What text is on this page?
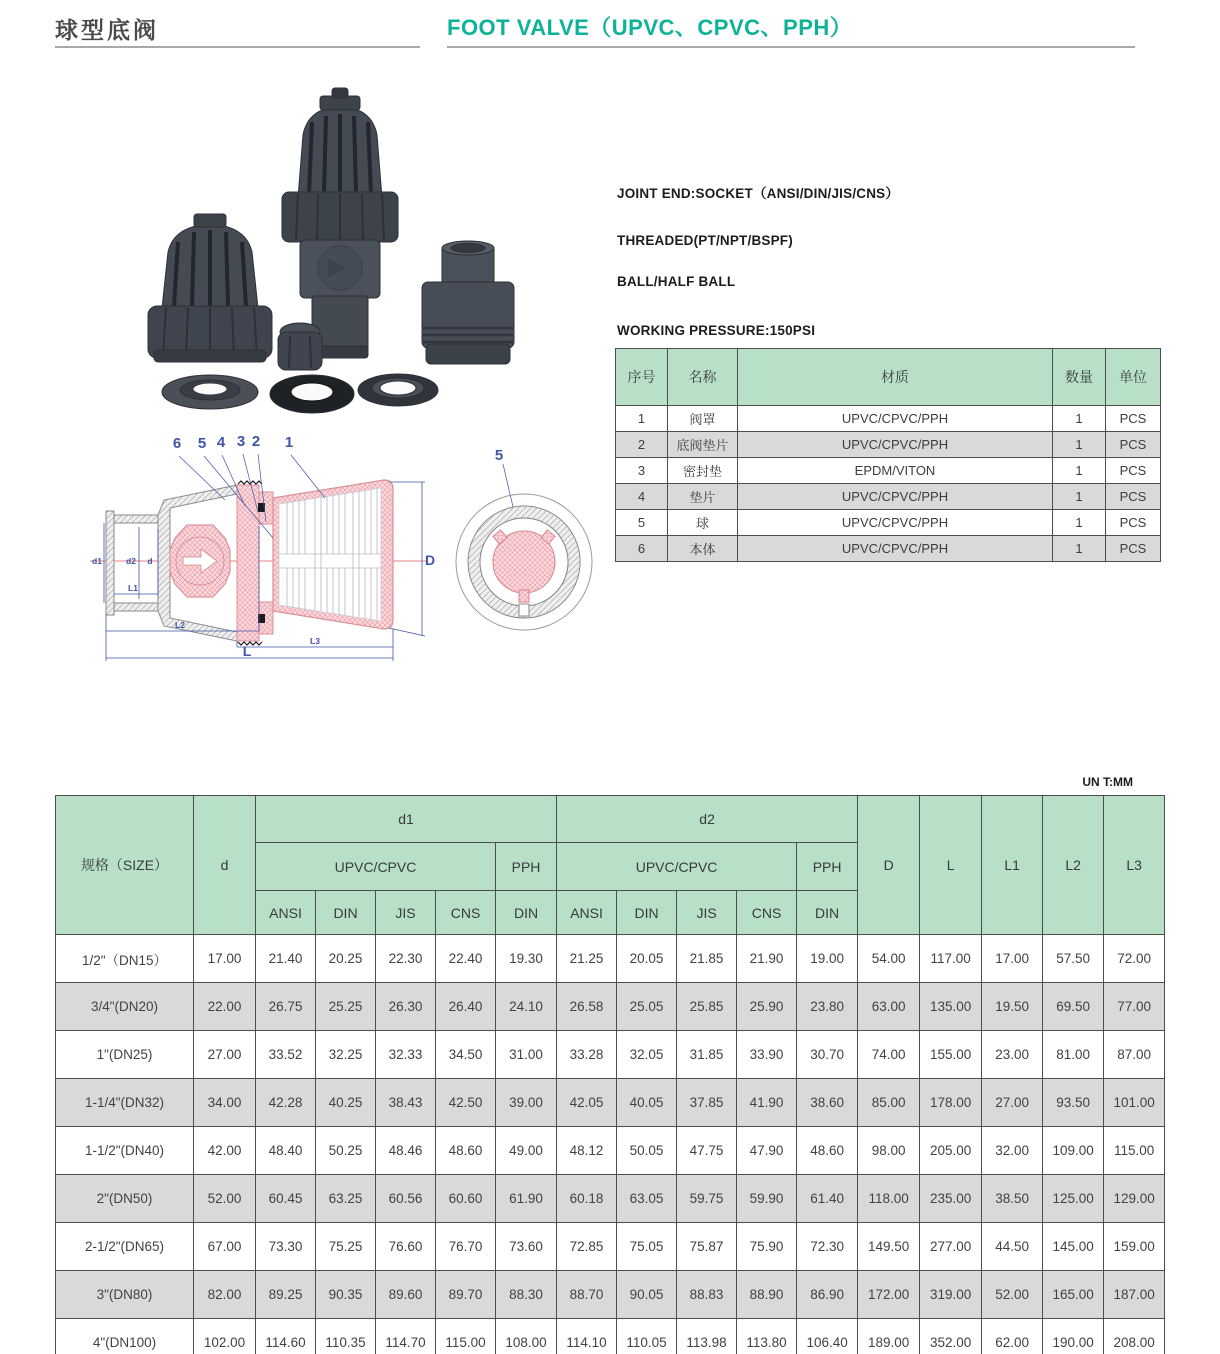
球型底阀	FOOT VALVE（UPVC、CPVC、PPH）
JOINT END:SOCKET（ANSI/DIN/JIS/CNS）
THREADED(PT/NPT/BSPF)
BALL/HALF BALL
WORKING PRESSURE:150PSI
序号	名称	材质	数量	单位
1	阀罩	UPVC/CPVC/PPH	1	PCS
2	底阀垫片	UPVC/CPVC/PPH	1	PCS
3	密封垫	EPDM/VITON	1	PCS
4	垫片	UPVC/CPVC/PPH	1	PCS
5	球	UPVC/CPVC/PPH	1	PCS
6	本体	UPVC/CPVC/PPH	1	PCS
d1	d2 d
L1
L2
L3
L
D
6 5 4 3 2 1
5
UN T:MM
规格（SIZE）	d	d1					d2					D	L	L1	L2	L3
		UPVC/CPVC				PPH	UPVC/CPVC				PPH					
		ANSI	DIN	JIS	CNS	DIN	ANSI	DIN	JIS	CNS	DIN					
1/2"（DN15）	17.00	21.40	20.25	22.30	22.40	19.30	21.25	20.05	21.85	21.90	19.00	54.00	117.00	17.00	57.50	72.00
3/4"(DN20)	22.00	26.75	25.25	26.30	26.40	24.10	26.58	25.05	25.85	25.90	23.80	63.00	135.00	19.50	69.50	77.00
1"(DN25)	27.00	33.52	32.25	32.33	34.50	31.00	33.28	32.05	31.85	33.90	30.70	74.00	155.00	23.00	81.00	87.00
1-1/4"(DN32)	34.00	42.28	40.25	38.43	42.50	39.00	42.05	40.05	37.85	41.90	38.60	85.00	178.00	27.00	93.50	101.00
1-1/2"(DN40)	42.00	48.40	50.25	48.46	48.60	49.00	48.12	50.05	47.75	47.90	48.60	98.00	205.00	32.00	109.00	115.00
2"(DN50)	52.00	60.45	63.25	60.56	60.60	61.90	60.18	63.05	59.75	59.90	61.40	118.00	235.00	38.50	125.00	129.00
2-1/2"(DN65)	67.00	73.30	75.25	76.60	76.70	73.60	72.85	75.05	75.87	75.90	72.30	149.50	277.00	44.50	145.00	159.00
3"(DN80)	82.00	89.25	90.35	89.60	89.70	88.30	88.70	90.05	88.83	88.90	86.90	172.00	319.00	52.00	165.00	187.00
4"(DN100)	102.00	114.60	110.35	114.70	115.00	108.00	114.10	110.05	113.98	113.80	106.40	189.00	352.00	62.00	190.00	208.00
